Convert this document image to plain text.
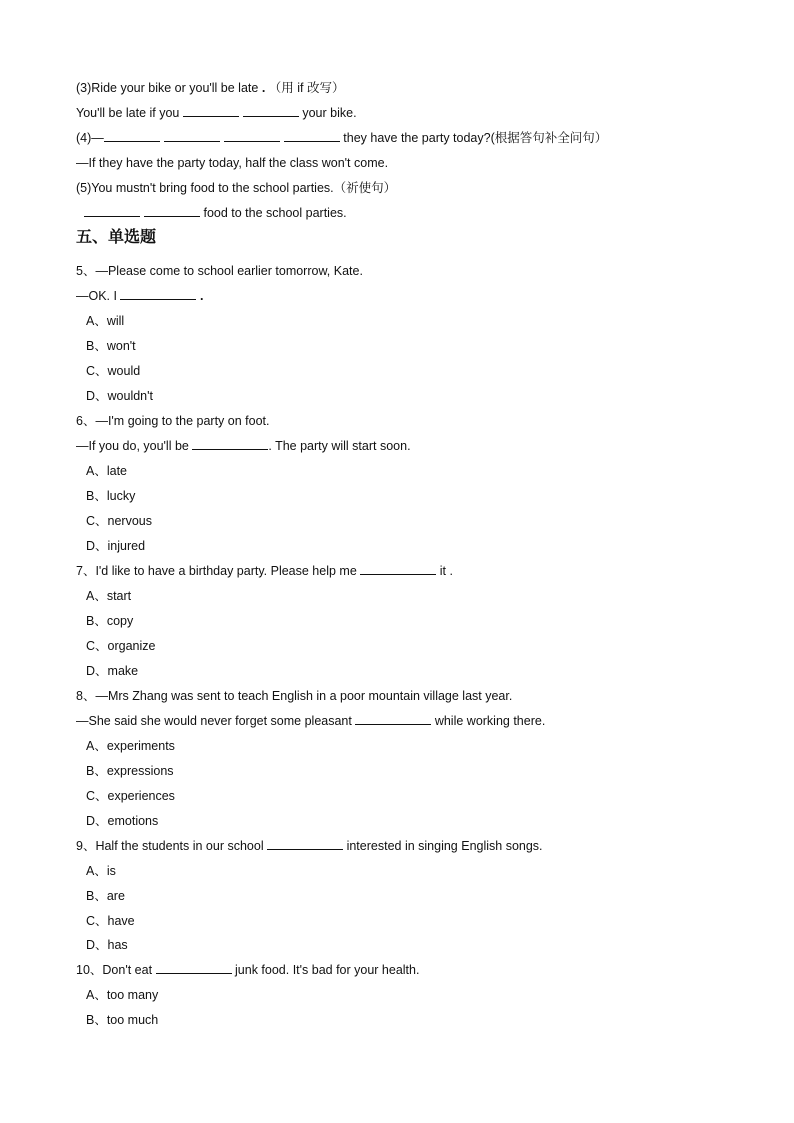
(3)Ride your bike or you'll be late . （用 if 改写）
You'll be late if you	your bike.
(4)—	they have the party today?(根据答句补全问句）
—If they have the party today, half the class won't come.
(5)You mustn't bring food to the school parties.（祈使句）
food to the school parties.
五、单选题
5、—Please come to school earlier tomorrow, Kate.
—OK. I	.
A、will
B、won't
C、would
D、wouldn't
6、—I'm going to the party on foot.
—If you do, you'll be	. The party will start soon.
A、late
B、lucky
C、nervous
D、injured
7、I'd like to have a birthday party. Please help me	it .
A、start
B、copy
C、organize
D、make
8、—Mrs Zhang was sent to teach English in a poor mountain village last year.
—She said she would never forget some pleasant	while working there.
A、experiments
B、expressions
C、experiences
D、emotions
9、Half the students in our school	interested in singing English songs.
A、is
B、are
C、have
D、has
10、Don't eat	junk food. It's bad for your health.
A、too many
B、too much
